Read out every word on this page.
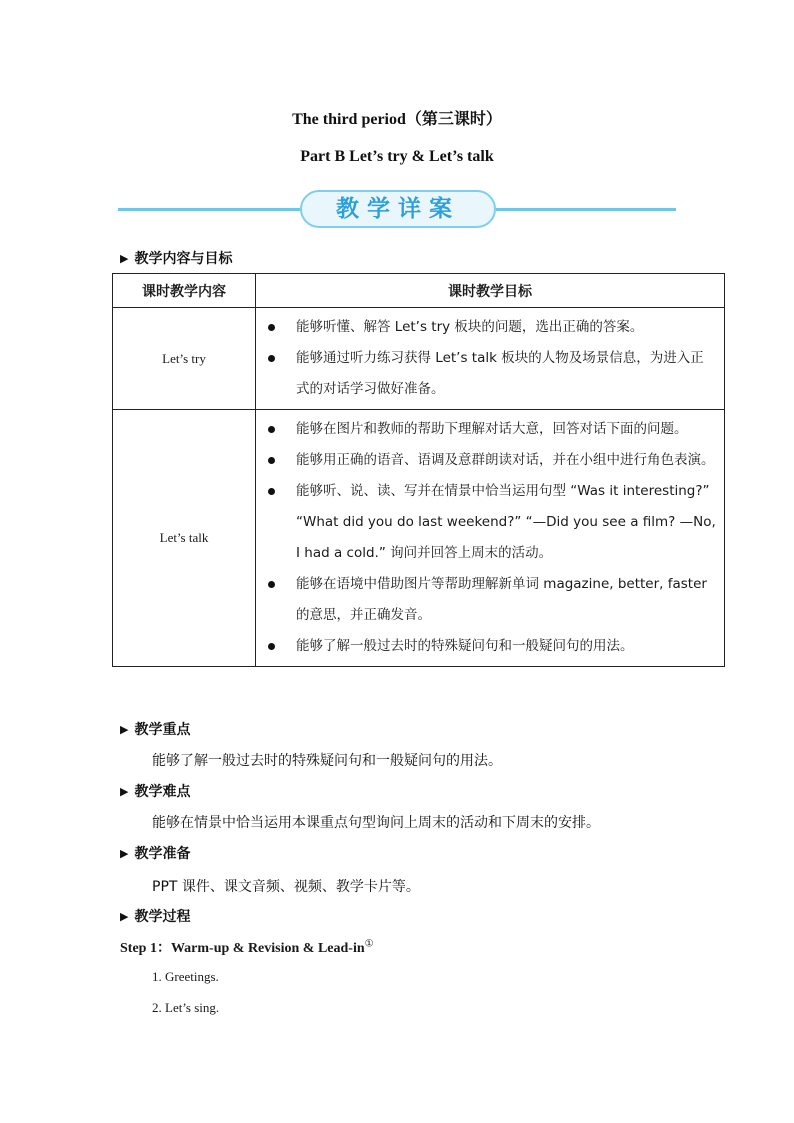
The third period（第三课时）
Part B Let’s try & Let’s talk
教学详案
▶ 教学内容与目标
课时教学内容	课时教学目标
Let’s try	能够听懂、解答 Let’s try 板块的问题，选出正确的答案。
能够通过听力练习获得 Let’s talk 板块的人物及场景信息，为进入正式的对话学习做好准备。

Let’s talk	能够在图片和教师的帮助下理解对话大意，回答对话下面的问题。
能够用正确的语音、语调及意群朗读对话，并在小组中进行角色表演。
能够听、说、读、写并在情景中恰当运用句型 “Was it interesting?” “What did you do last weekend?” “—Did you see a film? —No, I had a cold.” 询问并回答上周末的活动。
能够在语境中借助图片等帮助理解新单词 magazine, better, faster 的意思，并正确发音。
能够了解一般过去时的特殊疑问句和一般疑问句的用法。
▶ 教学重点
能够了解一般过去时的特殊疑问句和一般疑问句的用法。
▶ 教学难点
能够在情景中恰当运用本课重点句型询问上周末的活动和下周末的安排。
▶ 教学准备
PPT 课件、课文音频、视频、教学卡片等。
▶ 教学过程
Step 1：Warm-up & Revision & Lead-in①
1. Greetings.
2. Let’s sing.
